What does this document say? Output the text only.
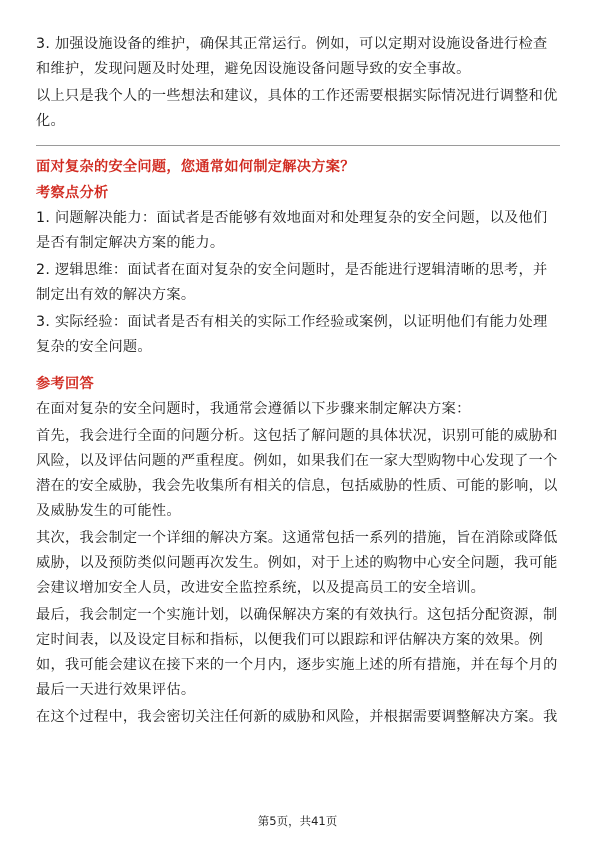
3. 加强设施设备的维护，确保其正常运行。例如，可以定期对设施设备进行检查和维护，发现问题及时处理，避免因设施设备问题导致的安全事故。

以上只是我个人的一些想法和建议，具体的工作还需要根据实际情况进行调整和优化。

面对复杂的安全问题，您通常如何制定解决方案？

考察点分析

1. 问题解决能力：面试者是否能够有效地面对和处理复杂的安全问题，以及他们是否有制定解决方案的能力。

2. 逻辑思维：面试者在面对复杂的安全问题时，是否能进行逻辑清晰的思考，并制定出有效的解决方案。

3. 实际经验：面试者是否有相关的实际工作经验或案例，以证明他们有能力处理复杂的安全问题。

参考回答

在面对复杂的安全问题时，我通常会遵循以下步骤来制定解决方案：

首先，我会进行全面的问题分析。这包括了解问题的具体状况，识别可能的威胁和风险，以及评估问题的严重程度。例如，如果我们在一家大型购物中心发现了一个潜在的安全威胁，我会先收集所有相关的信息，包括威胁的性质、可能的影响，以及威胁发生的可能性。

其次，我会制定一个详细的解决方案。这通常包括一系列的措施，旨在消除或降低威胁，以及预防类似问题再次发生。例如，对于上述的购物中心安全问题，我可能会建议增加安全人员，改进安全监控系统，以及提高员工的安全培训。

最后，我会制定一个实施计划，以确保解决方案的有效执行。这包括分配资源，制定时间表，以及设定目标和指标，以便我们可以跟踪和评估解决方案的效果。例如，我可能会建议在接下来的一个月内，逐步实施上述的所有措施，并在每个月的最后一天进行效果评估。

在这个过程中，我会密切关注任何新的威胁和风险，并根据需要调整解决方案。我

第5页，共41页
